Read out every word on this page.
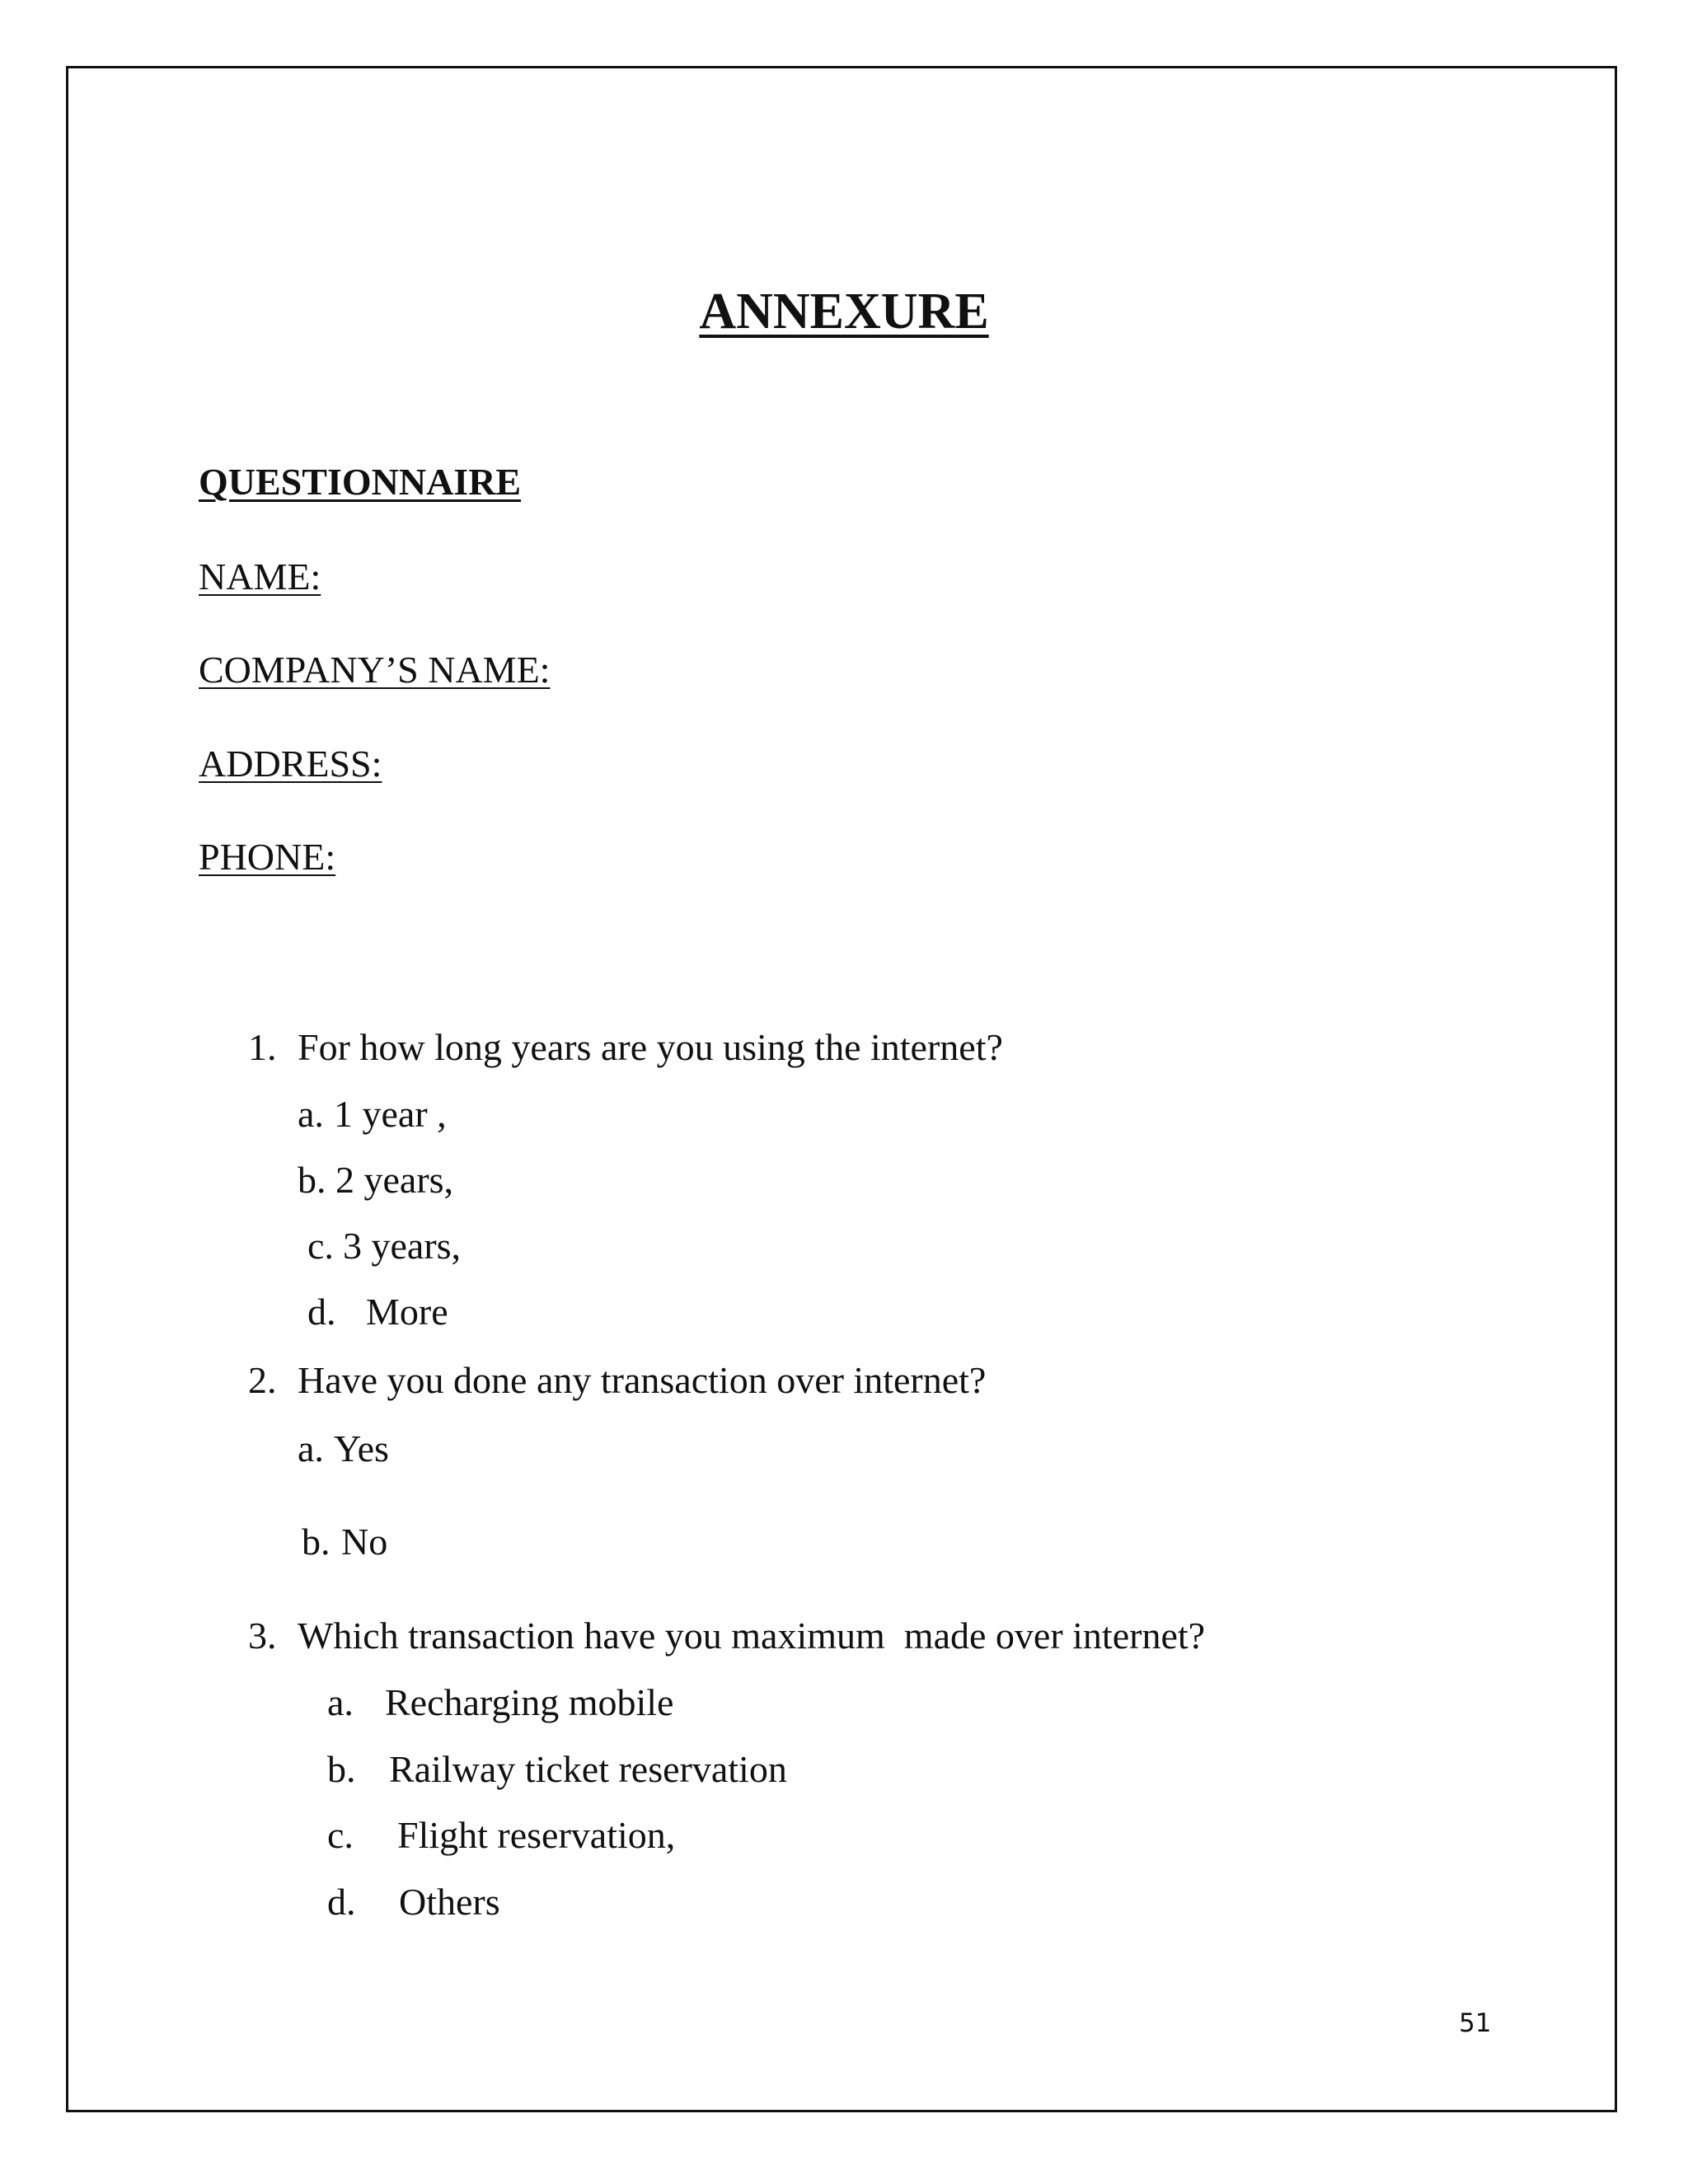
ANNEXURE
QUESTIONNAIRE
NAME:
COMPANY’S NAME:
ADDRESS:
PHONE:
1. For how long years are you using the internet?
a. 1 year ,
b. 2 years,
c. 3 years,
d. More
2. Have you done any transaction over internet?
a. Yes
b. No
3. Which transaction have you maximum  made over internet?
a. Recharging mobile
b. Railway ticket reservation
c. Flight reservation,
d. Others
51
